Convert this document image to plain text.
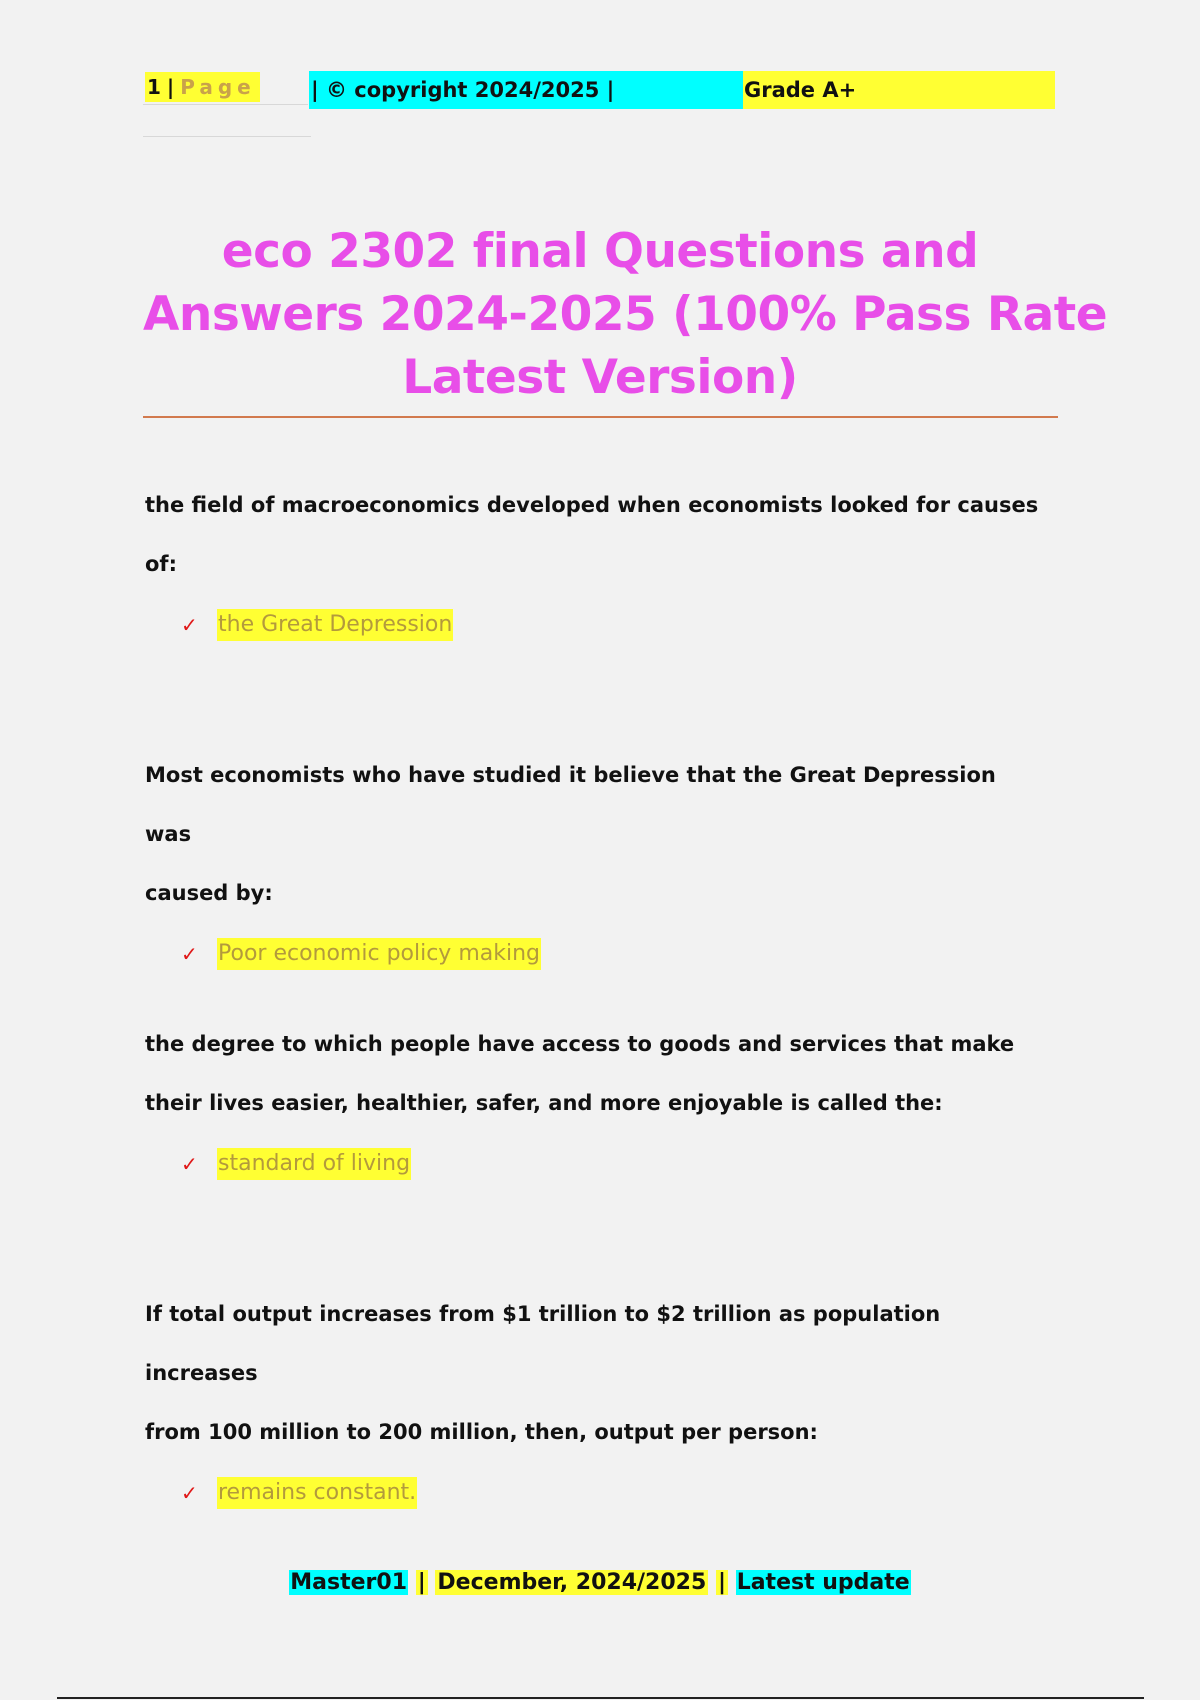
1 | Page	| © copyright 2024/2025 |	Grade A+
eco 2302 final Questions and
Answers 2024-2025 (100% Pass Rate
Latest Version)

the field of macroeconomics developed when economists looked for causes
of:

✓ the Great Depression

Most economists who have studied it believe that the Great Depression was
caused by:

✓ Poor economic policy making

the degree to which people have access to goods and services that make
their lives easier, healthier, safer, and more enjoyable is called the:

✓ standard of living

If total output increases from $1 trillion to $2 trillion as population increases
from 100 million to 200 million, then, output per person:

✓ remains constant.
Master01 | December, 2024/2025 | Latest update
